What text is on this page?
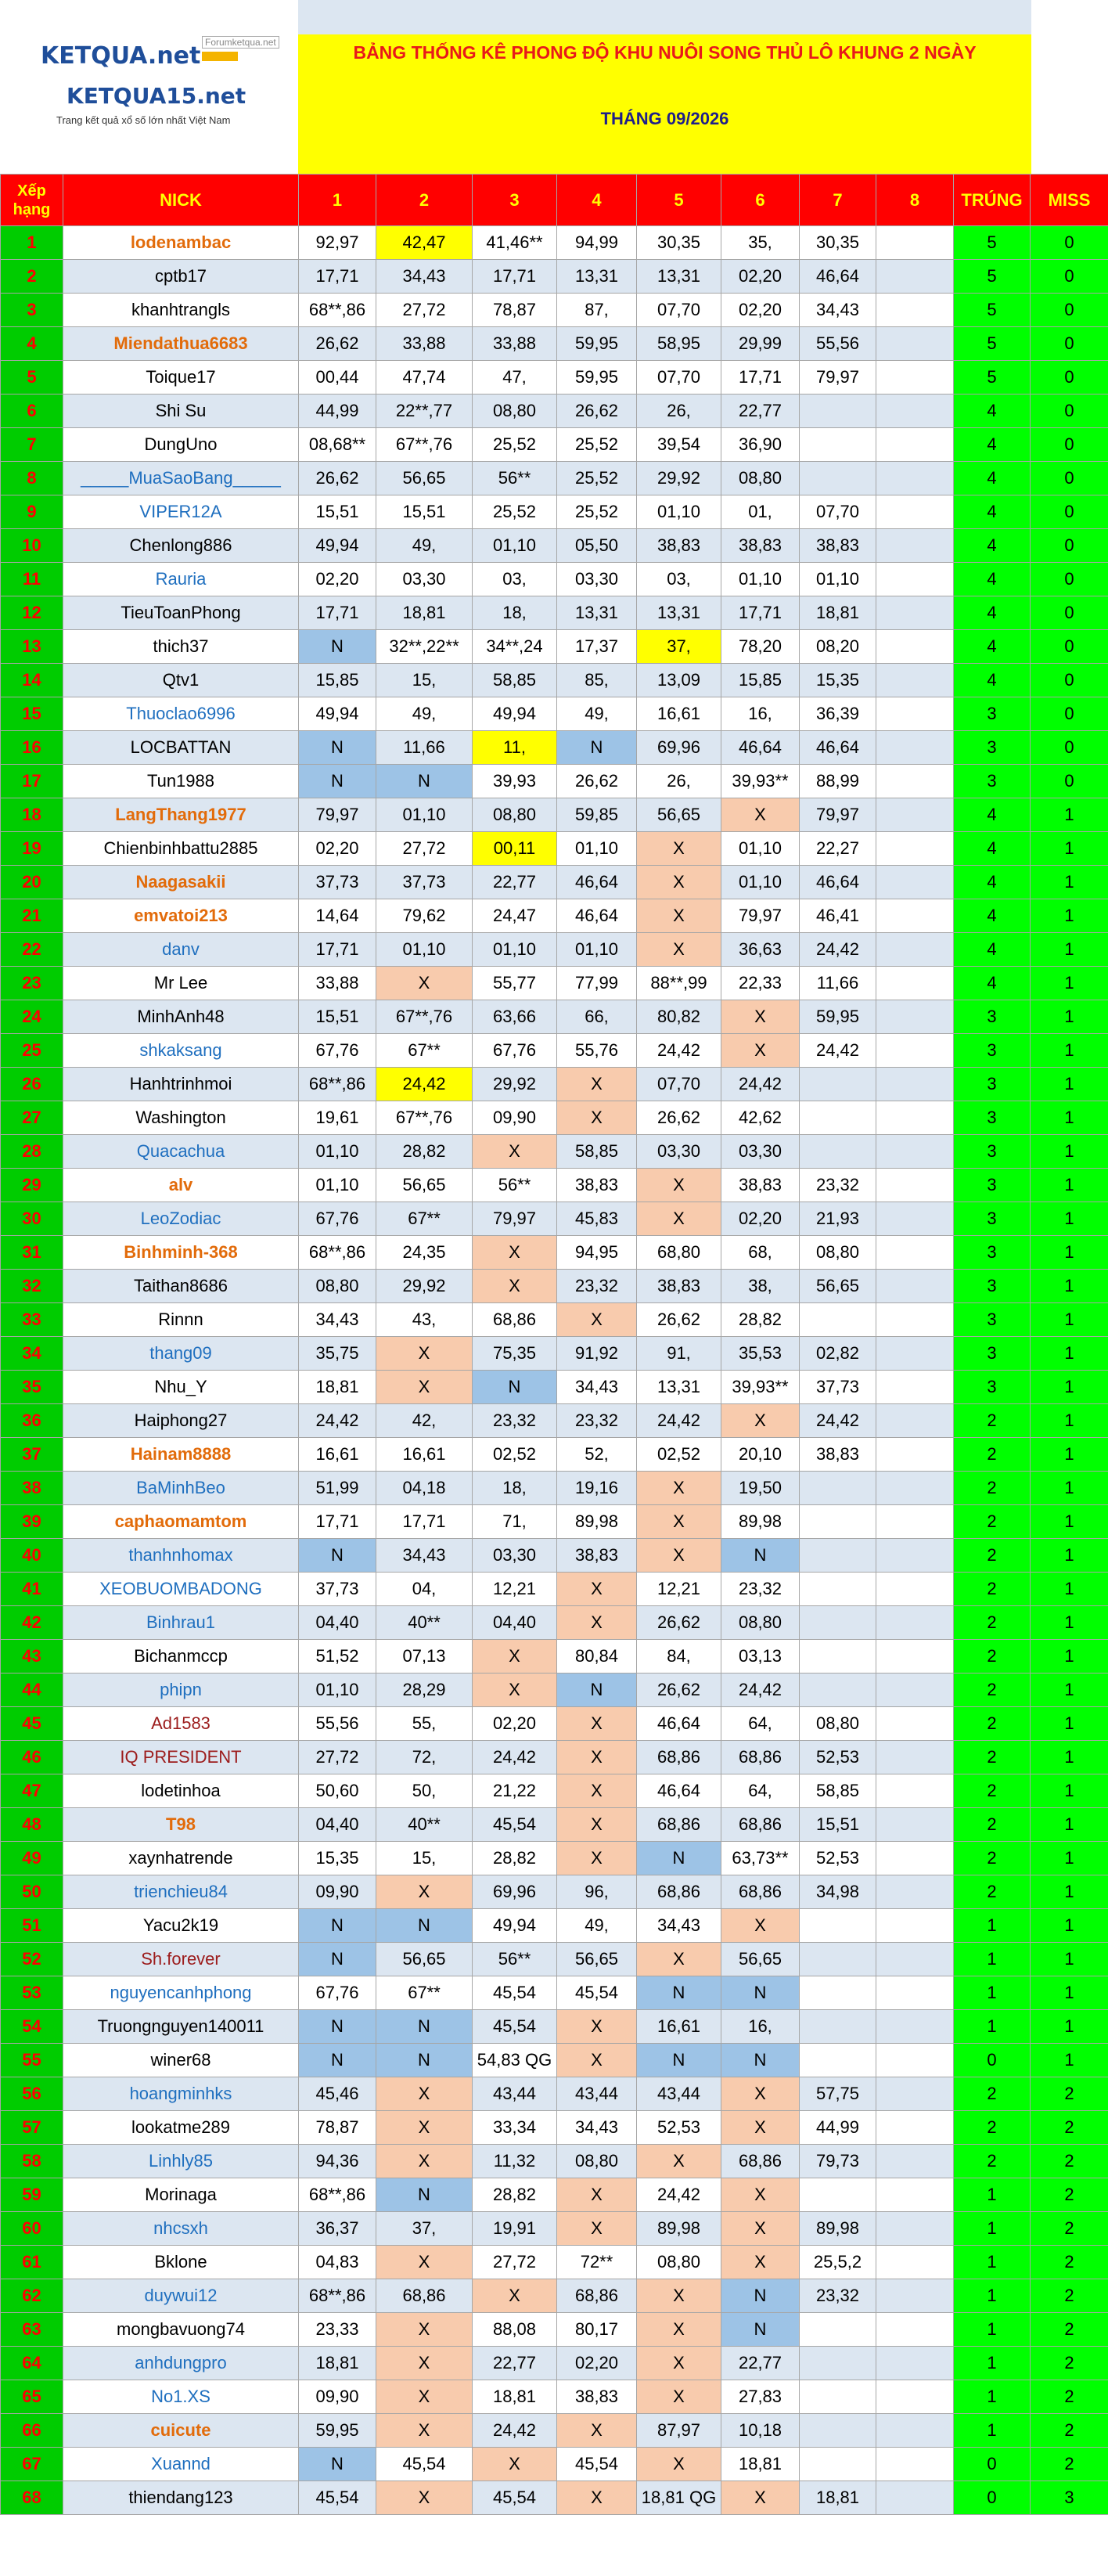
Forumketqua.net
KETQUA.net
KETQUA15.net
Trang kết quả xổ số lớn nhất Việt Nam
BẢNG THỐNG KÊ PHONG ĐỘ KHU NUÔI SONG THỦ LÔ KHUNG 2 NGÀY
THÁNG 09/2026
Xếp hạng	NICK	1	2	3	4	5	6	7	8	TRÚNG	MISS
1	lodenambac	92,97	42,47	41,46**	94,99	30,35	35,	30,35		5	0
2	cptb17	17,71	34,43	17,71	13,31	13,31	02,20	46,64		5	0
3	khanhtrangls	68**,86	27,72	78,87	87,	07,70	02,20	34,43		5	0
4	Miendathua6683	26,62	33,88	33,88	59,95	58,95	29,99	55,56		5	0
5	Toique17	00,44	47,74	47,	59,95	07,70	17,71	79,97		5	0
6	Shi Su	44,99	22**,77	08,80	26,62	26,	22,77			4	0
7	DungUno	08,68**	67**,76	25,52	25,52	39,54	36,90			4	0
8	_____MuaSaoBang_____	26,62	56,65	56**	25,52	29,92	08,80			4	0
9	VIPER12A	15,51	15,51	25,52	25,52	01,10	01,	07,70		4	0
10	Chenlong886	49,94	49,	01,10	05,50	38,83	38,83	38,83		4	0
11	Rauria	02,20	03,30	03,	03,30	03,	01,10	01,10		4	0
12	TieuToanPhong	17,71	18,81	18,	13,31	13,31	17,71	18,81		4	0
13	thich37	N	32**,22**	34**,24	17,37	37,	78,20	08,20		4	0
14	Qtv1	15,85	15,	58,85	85,	13,09	15,85	15,35		4	0
15	Thuoclao6996	49,94	49,	49,94	49,	16,61	16,	36,39		3	0
16	LOCBATTAN	N	11,66	11,	N	69,96	46,64	46,64		3	0
17	Tun1988	N	N	39,93	26,62	26,	39,93**	88,99		3	0
18	LangThang1977	79,97	01,10	08,80	59,85	56,65	X	79,97		4	1
19	Chienbinhbattu2885	02,20	27,72	00,11	01,10	X	01,10	22,27		4	1
20	Naagasakii	37,73	37,73	22,77	46,64	X	01,10	46,64		4	1
21	emvatoi213	14,64	79,62	24,47	46,64	X	79,97	46,41		4	1
22	danv	17,71	01,10	01,10	01,10	X	36,63	24,42		4	1
23	Mr Lee	33,88	X	55,77	77,99	88**,99	22,33	11,66		4	1
24	MinhAnh48	15,51	67**,76	63,66	66,	80,82	X	59,95		3	1
25	shkaksang	67,76	67**	67,76	55,76	24,42	X	24,42		3	1
26	Hanhtrinhmoi	68**,86	24,42	29,92	X	07,70	24,42			3	1
27	Washington	19,61	67**,76	09,90	X	26,62	42,62			3	1
28	Quacachua	01,10	28,82	X	58,85	03,30	03,30			3	1
29	alv	01,10	56,65	56**	38,83	X	38,83	23,32		3	1
30	LeoZodiac	67,76	67**	79,97	45,83	X	02,20	21,93		3	1
31	Binhminh-368	68**,86	24,35	X	94,95	68,80	68,	08,80		3	1
32	Taithan8686	08,80	29,92	X	23,32	38,83	38,	56,65		3	1
33	Rinnn	34,43	43,	68,86	X	26,62	28,82			3	1
34	thang09	35,75	X	75,35	91,92	91,	35,53	02,82		3	1
35	Nhu_Y	18,81	X	N	34,43	13,31	39,93**	37,73		3	1
36	Haiphong27	24,42	42,	23,32	23,32	24,42	X	24,42		2	1
37	Hainam8888	16,61	16,61	02,52	52,	02,52	20,10	38,83		2	1
38	BaMinhBeo	51,99	04,18	18,	19,16	X	19,50			2	1
39	caphaomamtom	17,71	17,71	71,	89,98	X	89,98			2	1
40	thanhnhomax	N	34,43	03,30	38,83	X	N			2	1
41	XEOBUOMBADONG	37,73	04,	12,21	X	12,21	23,32			2	1
42	Binhrau1	04,40	40**	04,40	X	26,62	08,80			2	1
43	Bichanmccp	51,52	07,13	X	80,84	84,	03,13			2	1
44	phipn	01,10	28,29	X	N	26,62	24,42			2	1
45	Ad1583	55,56	55,	02,20	X	46,64	64,	08,80		2	1
46	IQ PRESIDENT	27,72	72,	24,42	X	68,86	68,86	52,53		2	1
47	lodetinhoa	50,60	50,	21,22	X	46,64	64,	58,85		2	1
48	T98	04,40	40**	45,54	X	68,86	68,86	15,51		2	1
49	xaynhatrende	15,35	15,	28,82	X	N	63,73**	52,53		2	1
50	trienchieu84	09,90	X	69,96	96,	68,86	68,86	34,98		2	1
51	Yacu2k19	N	N	49,94	49,	34,43	X			1	1
52	Sh.forever	N	56,65	56**	56,65	X	56,65			1	1
53	nguyencanhphong	67,76	67**	45,54	45,54	N	N			1	1
54	Truongnguyen140011	N	N	45,54	X	16,61	16,			1	1
55	winer68	N	N	54,83 QG	X	N	N			0	1
56	hoangminhks	45,46	X	43,44	43,44	43,44	X	57,75		2	2
57	lookatme289	78,87	X	33,34	34,43	52,53	X	44,99		2	2
58	Linhly85	94,36	X	11,32	08,80	X	68,86	79,73		2	2
59	Morinaga	68**,86	N	28,82	X	24,42	X			1	2
60	nhcsxh	36,37	37,	19,91	X	89,98	X	89,98		1	2
61	Bklone	04,83	X	27,72	72**	08,80	X	25,5,2		1	2
62	duywui12	68**,86	68,86	X	68,86	X	N	23,32		1	2
63	mongbavuong74	23,33	X	88,08	80,17	X	N			1	2
64	anhdungpro	18,81	X	22,77	02,20	X	22,77			1	2
65	No1.XS	09,90	X	18,81	38,83	X	27,83			1	2
66	cuicute	59,95	X	24,42	X	87,97	10,18			1	2
67	Xuannd	N	45,54	X	45,54	X	18,81			0	2
68	thiendang123	45,54	X	45,54	X	18,81 QG	X	18,81		0	3
